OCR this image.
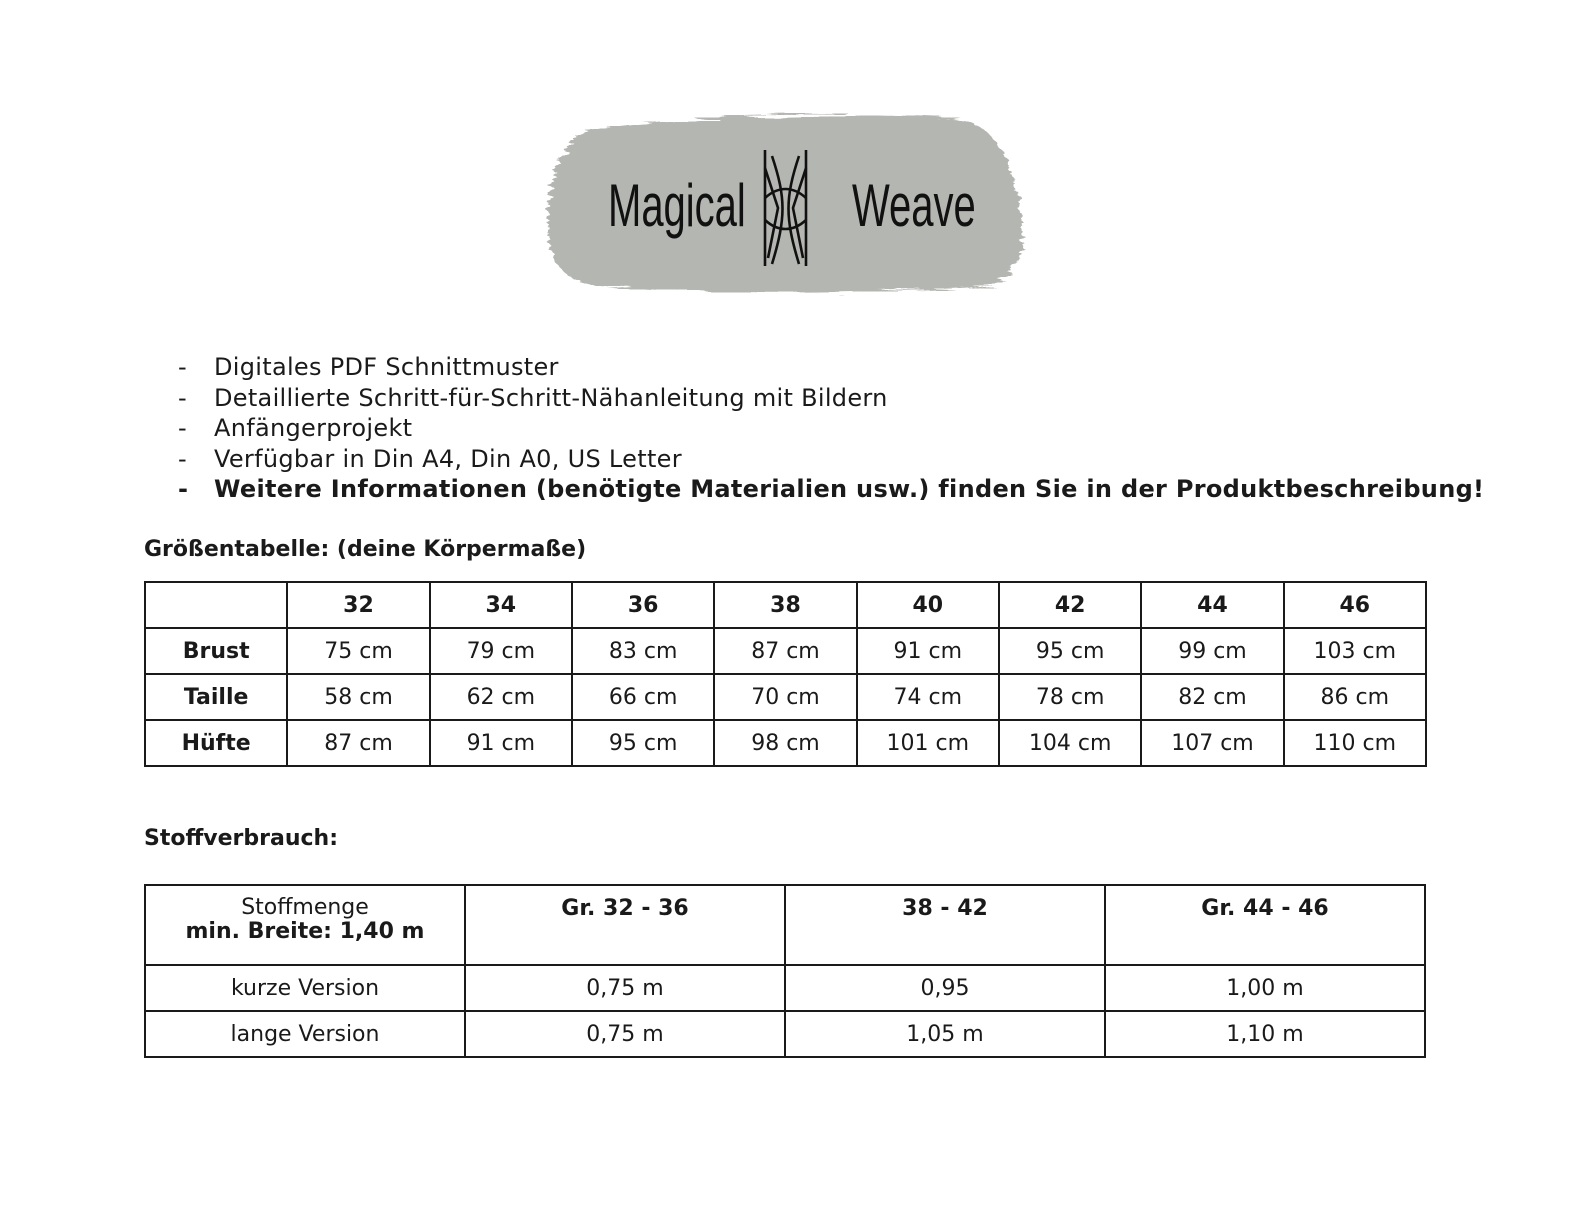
Magical Weave
- Digitales PDF Schnittmuster
- Detaillierte Schritt-für-Schritt-Nähanleitung mit Bildern
- Anfängerprojekt
- Verfügbar in Din A4, Din A0, US Letter
- Weitere Informationen (benötigte Materialien usw.) finden Sie in der Produktbeschreibung!
Größentabelle: (deine Körpermaße)
	32	34	36	38	40	42	44	46
Brust	75 cm	79 cm	83 cm	87 cm	91 cm	95 cm	99 cm	103 cm
Taille	58 cm	62 cm	66 cm	70 cm	74 cm	78 cm	82 cm	86 cm
Hüfte	87 cm	91 cm	95 cm	98 cm	101 cm	104 cm	107 cm	110 cm
Stoffverbrauch:
Stoffmenge
min. Breite: 1,40 m	Gr. 32 - 36	38 - 42	Gr. 44 - 46
kurze Version	0,75 m	0,95	1,00 m
lange Version	0,75 m	1,05 m	1,10 m
